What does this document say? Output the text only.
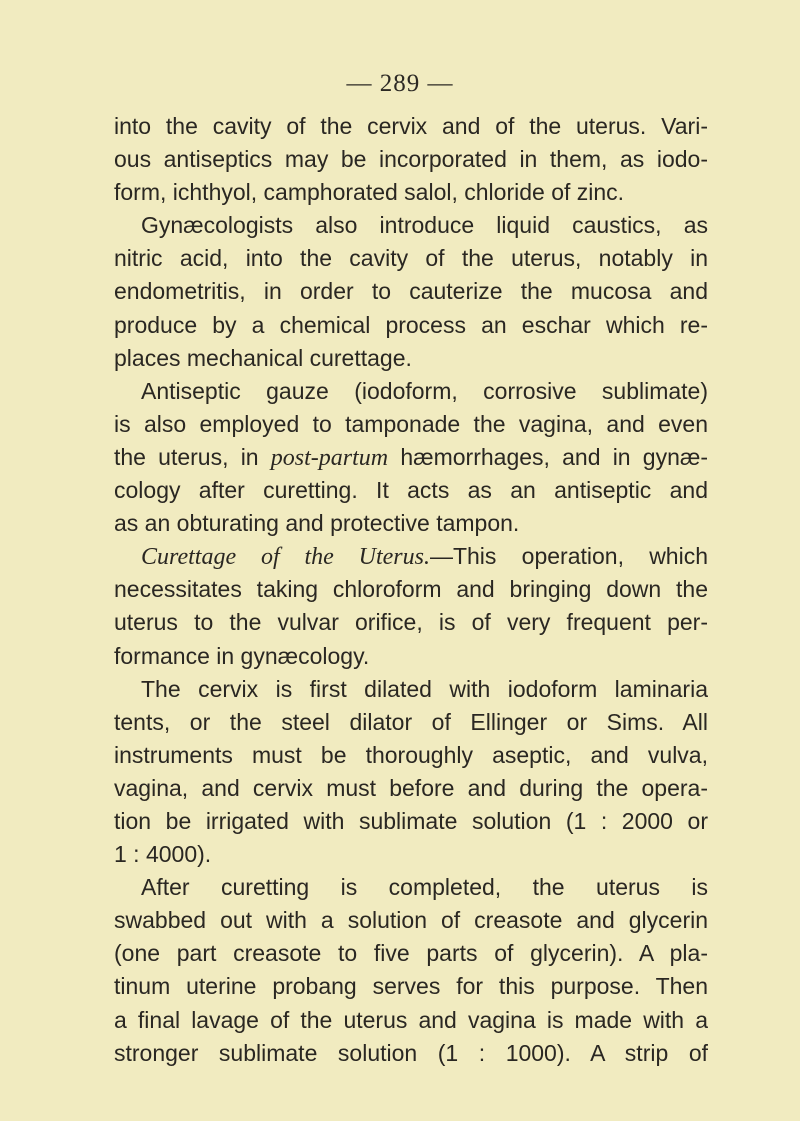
— 289 —
into the cavity of the cervix and of the uterus. Vari-
ous antiseptics may be incorporated in them, as iodo-
form, ichthyol, camphorated salol, chloride of zinc.
Gynæcologists also introduce liquid caustics, as
nitric acid, into the cavity of the uterus, notably in
endometritis, in order to cauterize the mucosa and
produce by a chemical process an eschar which re-
places mechanical curettage.
Antiseptic gauze (iodoform, corrosive sublimate)
is also employed to tamponade the vagina, and even
the uterus, in post-partum hæmorrhages, and in gynæ-
cology after curetting. It acts as an antiseptic and
as an obturating and protective tampon.
Curettage of the Uterus.—This operation, which
necessitates taking chloroform and bringing down the
uterus to the vulvar orifice, is of very frequent per-
formance in gynæcology.
The cervix is first dilated with iodoform laminaria
tents, or the steel dilator of Ellinger or Sims. All
instruments must be thoroughly aseptic, and vulva,
vagina, and cervix must before and during the opera-
tion be irrigated with sublimate solution (1 : 2000 or
1 : 4000).
After curetting is completed, the uterus is
swabbed out with a solution of creasote and glycerin
(one part creasote to five parts of glycerin). A pla-
tinum uterine probang serves for this purpose. Then
a final lavage of the uterus and vagina is made with a
stronger sublimate solution (1 : 1000). A strip of
